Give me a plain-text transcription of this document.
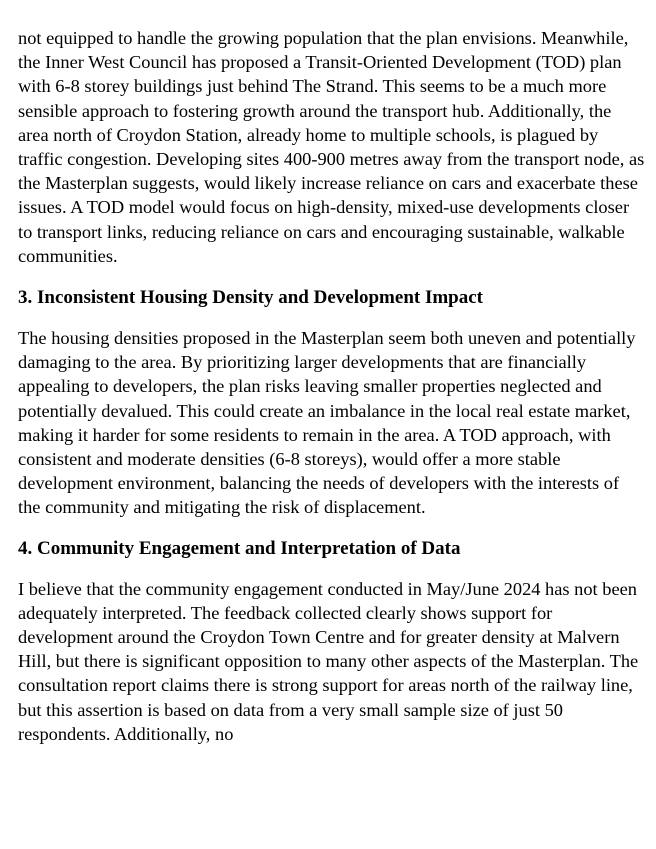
not equipped to handle the growing population that the plan envisions. Meanwhile, the Inner West Council has proposed a Transit-Oriented Development (TOD) plan with 6-8 storey buildings just behind The Strand. This seems to be a much more sensible approach to fostering growth around the transport hub. Additionally, the area north of Croydon Station, already home to multiple schools, is plagued by traffic congestion. Developing sites 400-900 metres away from the transport node, as the Masterplan suggests, would likely increase reliance on cars and exacerbate these issues. A TOD model would focus on high-density, mixed-use developments closer to transport links, reducing reliance on cars and encouraging sustainable, walkable communities.

3. Inconsistent Housing Density and Development Impact

The housing densities proposed in the Masterplan seem both uneven and potentially damaging to the area. By prioritizing larger developments that are financially appealing to developers, the plan risks leaving smaller properties neglected and potentially devalued. This could create an imbalance in the local real estate market, making it harder for some residents to remain in the area. A TOD approach, with consistent and moderate densities (6-8 storeys), would offer a more stable development environment, balancing the needs of developers with the interests of the community and mitigating the risk of displacement.

4. Community Engagement and Interpretation of Data

I believe that the community engagement conducted in May/June 2024 has not been adequately interpreted. The feedback collected clearly shows support for development around the Croydon Town Centre and for greater density at Malvern Hill, but there is significant opposition to many other aspects of the Masterplan. The consultation report claims there is strong support for areas north of the railway line, but this assertion is based on data from a very small sample size of just 50 respondents. Additionally, no
